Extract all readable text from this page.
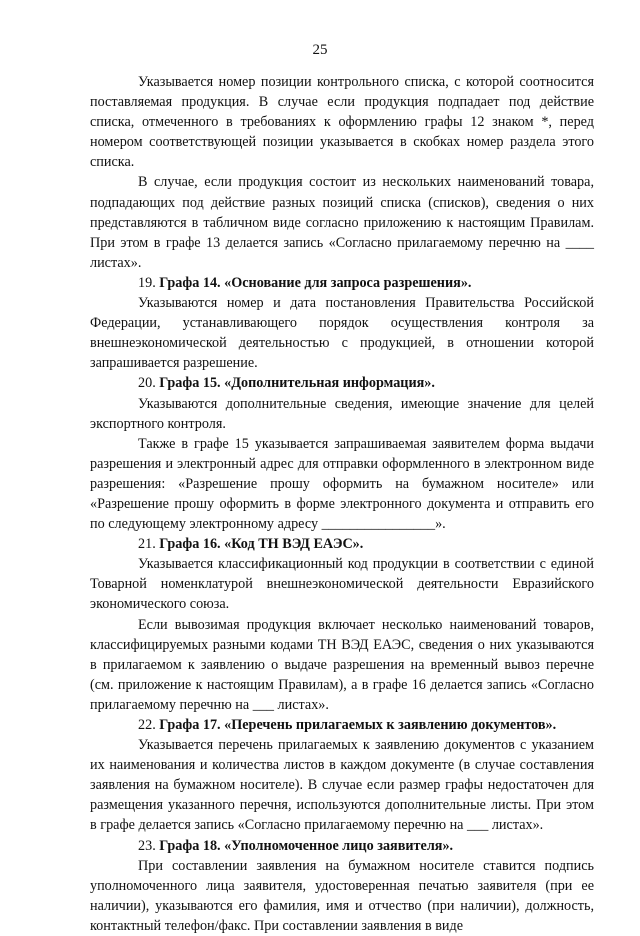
25

Указывается номер позиции контрольного списка, с которой соотносится поставляемая продукция. В случае если продукция подпадает под действие списка, отмеченного в требованиях к оформлению графы 12 знаком *, перед номером соответствующей позиции указывается в скобках номер раздела этого списка.

В случае, если продукция состоит из нескольких наименований товара, подпадающих под действие разных позиций списка (списков), сведения о них представляются в табличном виде согласно приложению к настоящим Правилам. При этом в графе 13 делается запись «Согласно прилагаемому перечню на ____ листах».

19. Графа 14. «Основание для запроса разрешения».

Указываются номер и дата постановления Правительства Российской Федерации, устанавливающего порядок осуществления контроля за внешнеэкономической деятельностью с продукцией, в отношении которой запрашивается разрешение.

20. Графа 15. «Дополнительная информация».

Указываются дополнительные сведения, имеющие значение для целей экспортного контроля.

Также в графе 15 указывается запрашиваемая заявителем форма выдачи разрешения и электронный адрес для отправки оформленного в электронном виде разрешения: «Разрешение прошу оформить на бумажном носителе» или «Разрешение прошу оформить в форме электронного документа и отправить его по следующему электронному адресу ________________».

21. Графа 16. «Код ТН ВЭД ЕАЭС».

Указывается классификационный код продукции в соответствии с единой Товарной номенклатурой внешнеэкономической деятельности Евразийского экономического союза.

Если вывозимая продукция включает несколько наименований товаров, классифицируемых разными кодами ТН ВЭД ЕАЭС, сведения о них указываются в прилагаемом к заявлению о выдаче разрешения на временный вывоз перечне (см. приложение к настоящим Правилам), а в графе 16 делается запись «Согласно прилагаемому перечню на ___ листах».

22. Графа 17. «Перечень прилагаемых к заявлению документов».

Указывается перечень прилагаемых к заявлению документов с указанием их наименования и количества листов в каждом документе (в случае составления заявления на бумажном носителе). В случае если размер графы недостаточен для размещения указанного перечня, используются дополнительные листы. При этом в графе делается запись «Согласно прилагаемому перечню на ___ листах».

23. Графа 18. «Уполномоченное лицо заявителя».

При составлении заявления на бумажном носителе ставится подпись уполномоченного лица заявителя, удостоверенная печатью заявителя (при ее наличии), указываются его фамилия, имя и отчество (при наличии), должность, контактный телефон/факс. При составлении заявления в виде
